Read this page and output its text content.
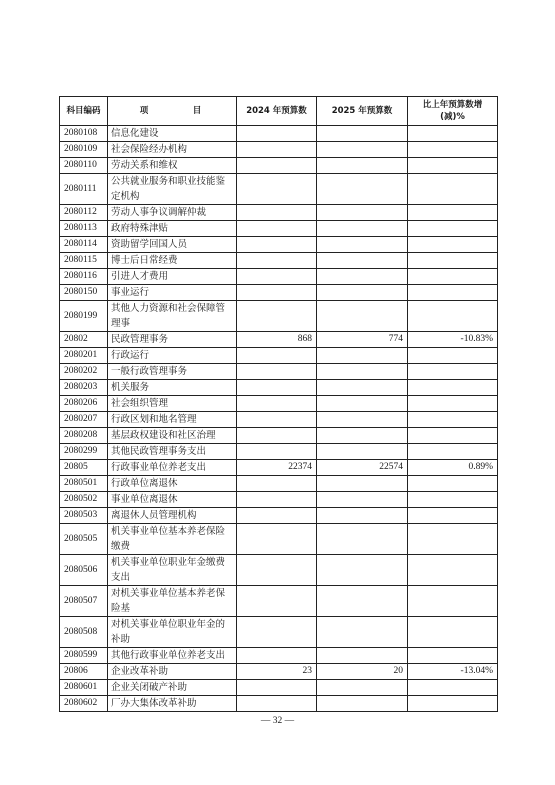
科目编码	项　目	2024 年预算数	2025 年预算数	比上年预算数增(减)%
2080108	信息化建设			
2080109	社会保险经办机构			
2080110	劳动关系和维权			
2080111	公共就业服务和职业技能鉴定机构			
2080112	劳动人事争议调解仲裁			
2080113	政府特殊津贴			
2080114	资助留学回国人员			
2080115	博士后日常经费			
2080116	引进人才费用			
2080150	事业运行			
2080199	其他人力资源和社会保障管理事			
20802	民政管理事务	868	774	-10.83%
2080201	行政运行			
2080202	一般行政管理事务			
2080203	机关服务			
2080206	社会组织管理			
2080207	行政区划和地名管理			
2080208	基层政权建设和社区治理			
2080299	其他民政管理事务支出			
20805	行政事业单位养老支出	22374	22574	0.89%
2080501	行政单位离退休			
2080502	事业单位离退休			
2080503	离退休人员管理机构			
2080505	机关事业单位基本养老保险缴费			
2080506	机关事业单位职业年金缴费支出			
2080507	对机关事业单位基本养老保险基			
2080508	对机关事业单位职业年金的补助			
2080599	其他行政事业单位养老支出			
20806	企业改革补助	23	20	-13.04%
2080601	企业关闭破产补助			
2080602	厂办大集体改革补助			
— 32 —
